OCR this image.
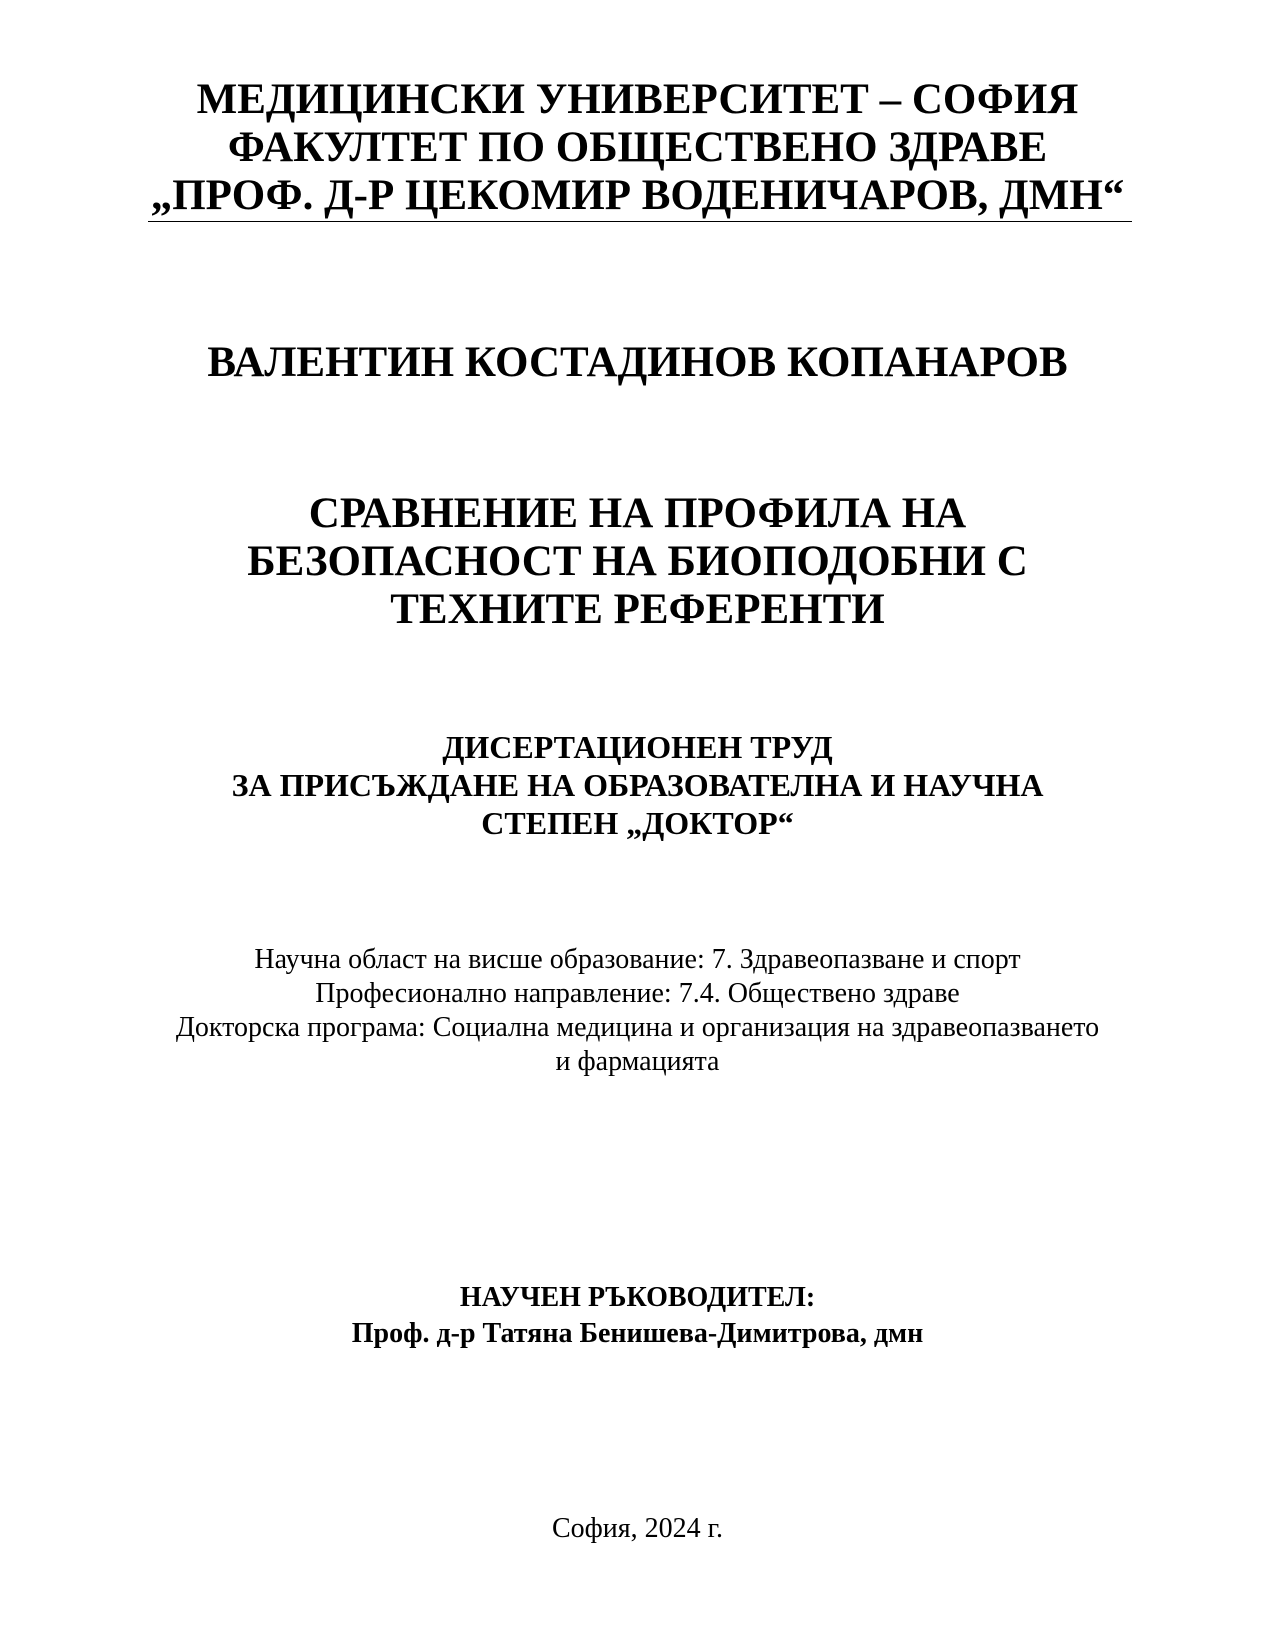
МЕДИЦИНСКИ УНИВЕРСИТЕТ – СОФИЯ
ФАКУЛТЕТ ПО ОБЩЕСТВЕНО ЗДРАВЕ
„ПРОФ. Д-Р ЦЕКОМИР ВОДЕНИЧАРОВ, ДМН“
ВАЛЕНТИН КОСТАДИНОВ КОПАНАРОВ
СРАВНЕНИЕ НА ПРОФИЛА НА
БЕЗОПАСНОСТ НА БИОПОДОБНИ С
ТЕХНИТЕ РЕФЕРЕНТИ
ДИСЕРТАЦИОНЕН ТРУД
ЗА ПРИСЪЖДАНЕ НА ОБРАЗОВАТЕЛНА И НАУЧНА
СТЕПЕН „ДОКТОР“
Научна област на висше образование: 7. Здравеопазване и спорт
Професионално направление: 7.4. Обществено здраве
Докторска програма: Социална медицина и организация на здравеопазването
и фармацията
НАУЧЕН РЪКОВОДИТЕЛ:
Проф. д-р Татяна Бенишева-Димитрова, дмн
София, 2024 г.
